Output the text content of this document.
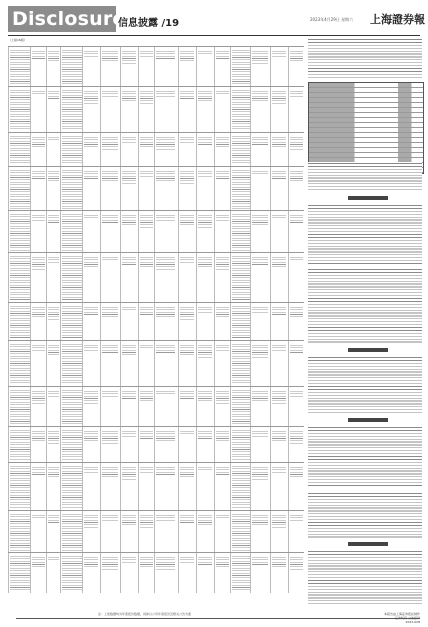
Disclosure
信息披露 /19	2023年4月29日 星期六 上海證券報
（上接16版）
注：上述数据均为年度报告数据，具体以公司年度报告及相关公告为准	本报告由上海证券报社制作
证券代码 公告编号
2023-028
